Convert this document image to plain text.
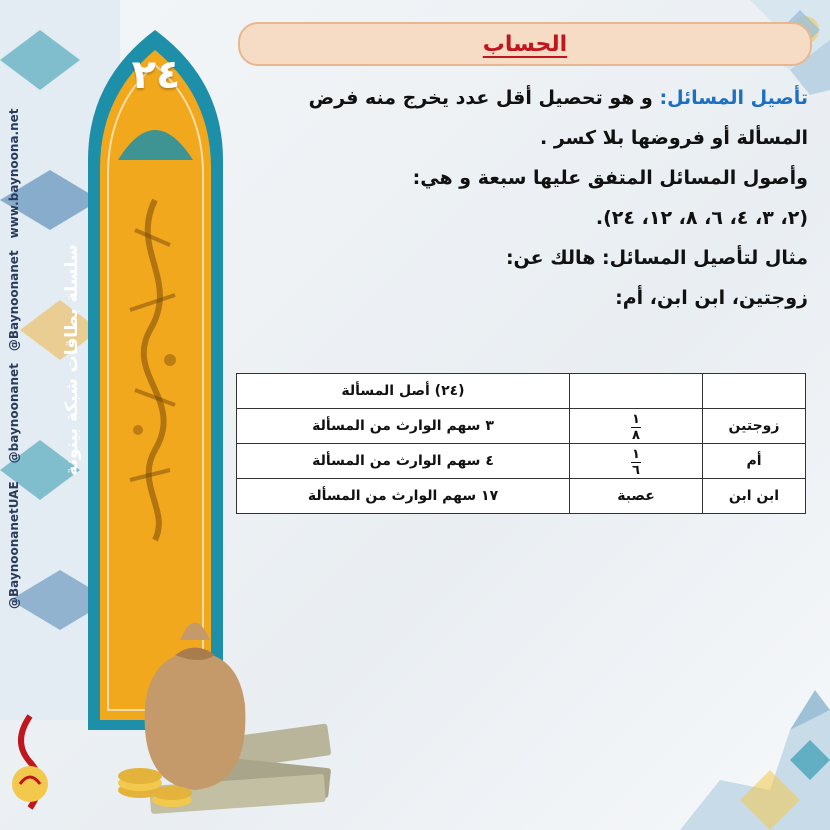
٢٤
سلسلة بطاقات شبكة بينونة
@BaynoonanetUAE
@baynoonanet
@Baynoonanet
www.baynoona.net
الحساب

تأصيل المسائل: و هو تحصيل أقل عدد يخرج منه فرض المسألة أو فروضها بلا كسر .

وأصول المسائل المتفق عليها سبعة و هي:

(٢، ٣، ٤، ٦، ٨، ١٢، ٢٤).

مثال لتأصيل المسائل: هالك عن:

زوجتين، ابن ابن، أم:

		(٢٤) أصل المسألة
زوجتين	$\frac{١}{٨}$	٣ سهم الوارث من المسألة
أم	$\frac{١}{٦}$	٤ سهم الوارث من المسألة
ابن ابن	عصبة	١٧ سهم الوارث من المسألة
